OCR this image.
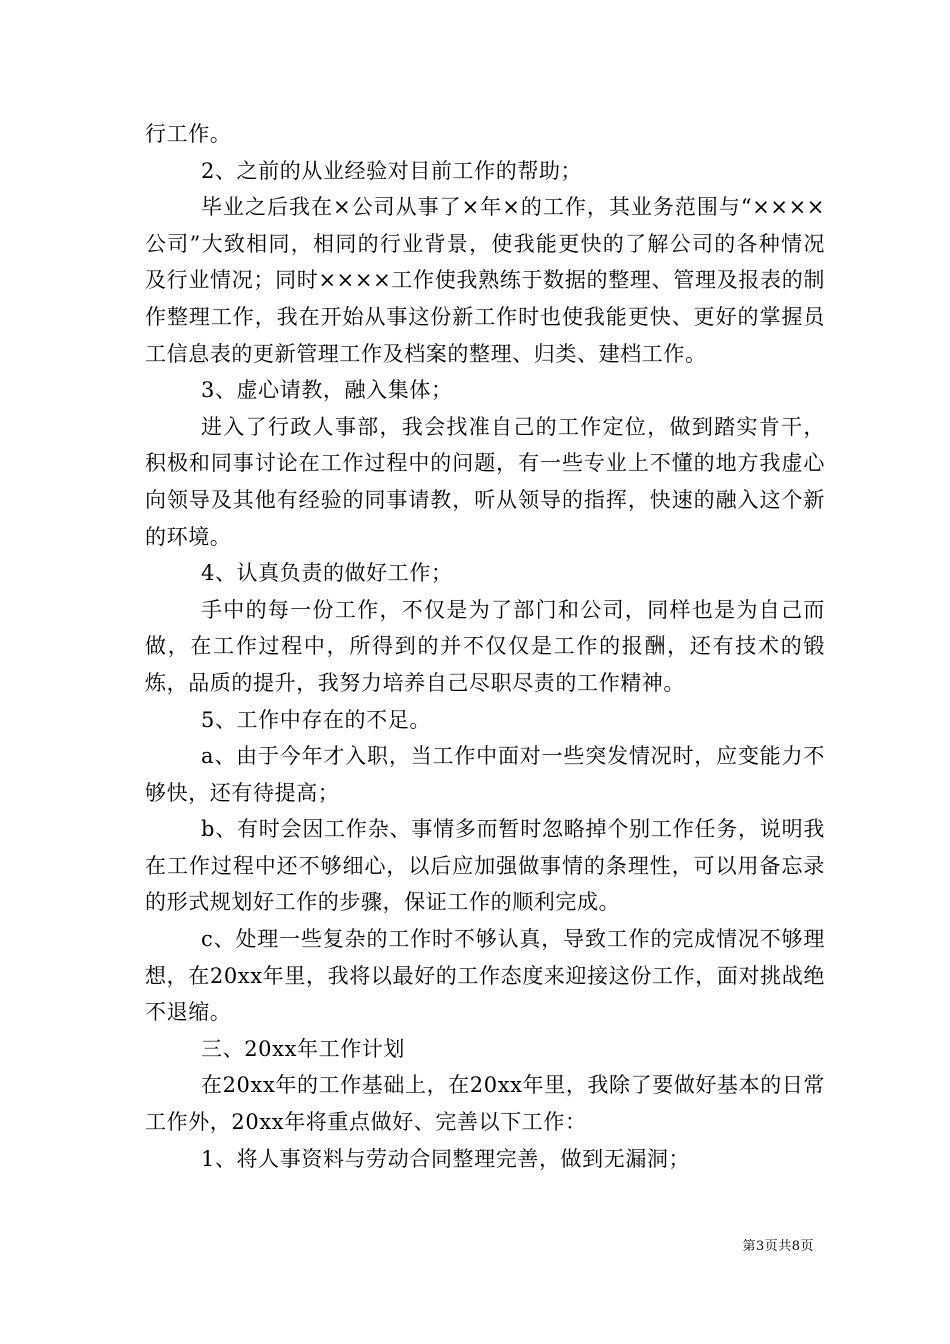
行工作。

2、之前的从业经验对目前工作的帮助；

毕业之后我在×公司从事了×年×的工作，其业务范围与“××××公司”大致相同，相同的行业背景，使我能更快的了解公司的各种情况及行业情况；同时××××工作使我熟练于数据的整理、管理及报表的制作整理工作，我在开始从事这份新工作时也使我能更快、更好的掌握员工信息表的更新管理工作及档案的整理、归类、建档工作。

3、虚心请教，融入集体；

进入了行政人事部，我会找准自己的工作定位，做到踏实肯干，积极和同事讨论在工作过程中的问题，有一些专业上不懂的地方我虚心向领导及其他有经验的同事请教，听从领导的指挥，快速的融入这个新的环境。

4、认真负责的做好工作；

手中的每一份工作，不仅是为了部门和公司，同样也是为自己而做，在工作过程中，所得到的并不仅仅是工作的报酬，还有技术的锻炼，品质的提升，我努力培养自己尽职尽责的工作精神。

5、工作中存在的不足。

a、由于今年才入职，当工作中面对一些突发情况时，应变能力不够快，还有待提高；

b、有时会因工作杂、事情多而暂时忽略掉个别工作任务，说明我在工作过程中还不够细心，以后应加强做事情的条理性，可以用备忘录的形式规划好工作的步骤，保证工作的顺利完成。

c、处理一些复杂的工作时不够认真，导致工作的完成情况不够理想，在20xx年里，我将以最好的工作态度来迎接这份工作，面对挑战绝不退缩。

三、20xx年工作计划

在20xx年的工作基础上，在20xx年里，我除了要做好基本的日常工作外，20xx年将重点做好、完善以下工作：

1、将人事资料与劳动合同整理完善，做到无漏洞；

第3页共8页
